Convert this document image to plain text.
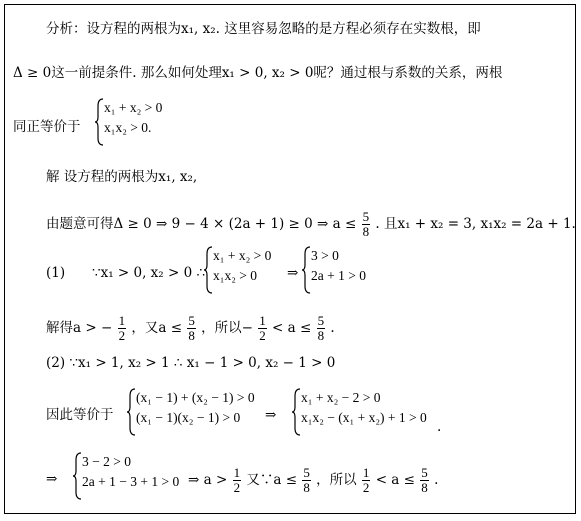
分析：设方程的两根为x₁, x₂. 这里容易忽略的是方程必须存在实数根，即
Δ ≥ 0这一前提条件. 那么如何处理x₁ > 0, x₂ > 0呢？通过根与系数的关系，两根
同正等价于
x₁ + x₂ > 0
x₁x₂ > 0.
解 设方程的两根为x₁, x₂,
由题意可得Δ ≥ 0 ⇒ 9 − 4 × (2a + 1) ≥ 0 ⇒ $a \le \frac{5}{8}$ . 且x₁ + x₂ = 3, x₁x₂ = 2a + 1.
(1) ∵x₁ > 0, x₂ > 0 ∴
x₁ + x₂ > 0
x₁x₂ > 0	⇒
3 > 0
2a + 1 > 0
解得a > − $\frac{1}{2}$ ，又$a \le \frac{5}{8}$ ，所以− $\frac{1}{2} < a \le \frac{5}{8}$ .
(2) ∵x₁ > 1, x₂ > 1 ∴ x₁ − 1 > 0, x₂ − 1 > 0
因此等价于
(x₁ − 1) + (x₂ − 1) > 0
(x₁ − 1)(x₂ − 1) > 0	⇒
x₁ + x₂ − 2 > 0
x₁x₂ − (x₁ + x₂) + 1 > 0
.
⇒
3 − 2 > 0
2a + 1 − 3 + 1 > 0 ⇒ $a > \frac{1}{2}$ 又∵a ≤ $\frac{5}{8}$ ，所以 $\frac{1}{2} < a \le \frac{5}{8}$ .
